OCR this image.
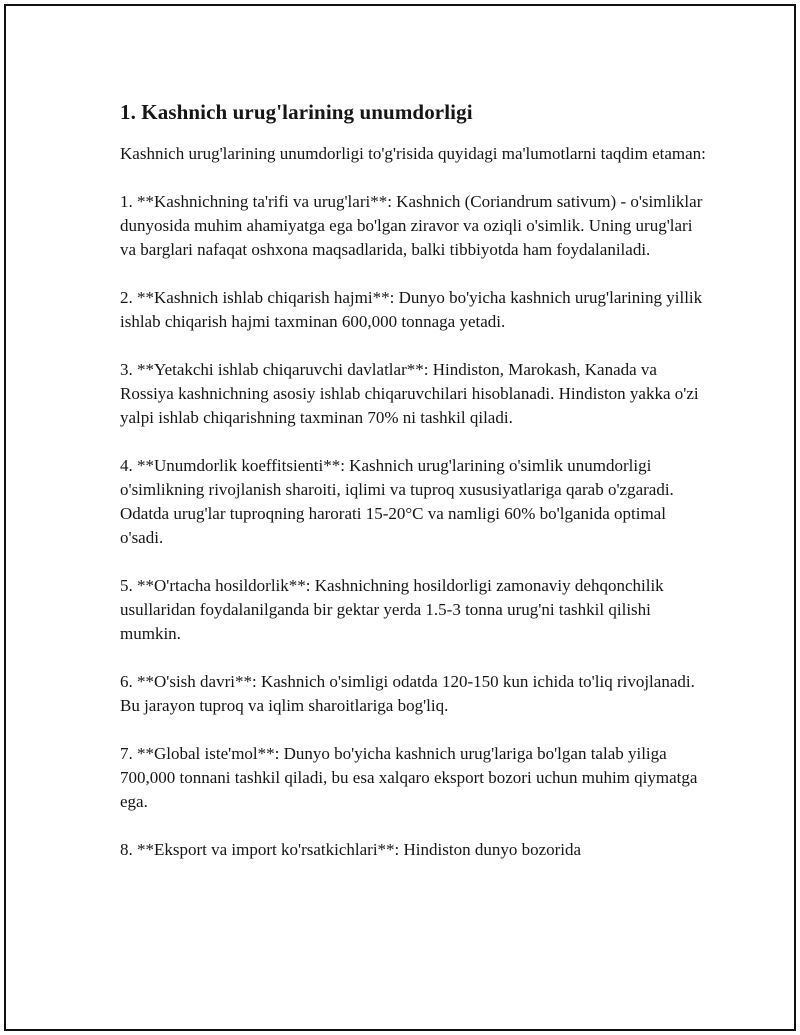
1. Kashnich urug'larining unumdorligi

Kashnich urug'larining unumdorligi to'g'risida quyidagi ma'lumotlarni taqdim etaman:

1. **Kashnichning ta'rifi va urug'lari**: Kashnich (Coriandrum sativum) - o'simliklar dunyosida muhim ahamiyatga ega bo'lgan ziravor va oziqli o'simlik. Uning urug'lari va barglari nafaqat oshxona maqsadlarida, balki tibbiyotda ham foydalaniladi.

2. **Kashnich ishlab chiqarish hajmi**: Dunyo bo'yicha kashnich urug'larining yillik ishlab chiqarish hajmi taxminan 600,000 tonnaga yetadi.

3. **Yetakchi ishlab chiqaruvchi davlatlar**: Hindiston, Marokash, Kanada va Rossiya kashnichning asosiy ishlab chiqaruvchilari hisoblanadi. Hindiston yakka o'zi yalpi ishlab chiqarishning taxminan 70% ni tashkil qiladi.

4. **Unumdorlik koeffitsienti**: Kashnich urug'larining o'simlik unumdorligi o'simlikning rivojlanish sharoiti, iqlimi va tuproq xususiyatlariga qarab o'zgaradi. Odatda urug'lar tuproqning harorati 15-20°C va namligi 60% bo'lganida optimal o'sadi.

5. **O'rtacha hosildorlik**: Kashnichning hosildorligi zamonaviy dehqonchilik usullaridan foydalanilganda bir gektar yerda 1.5-3 tonna urug'ni tashkil qilishi mumkin.

6. **O'sish davri**: Kashnich o'simligi odatda 120-150 kun ichida to'liq rivojlanadi. Bu jarayon tuproq va iqlim sharoitlariga bog'liq.

7. **Global iste'mol**: Dunyo bo'yicha kashnich urug'lariga bo'lgan talab yiliga 700,000 tonnani tashkil qiladi, bu esa xalqaro eksport bozori uchun muhim qiymatga ega.

8. **Eksport va import ko'rsatkichlari**: Hindiston dunyo bozorida
